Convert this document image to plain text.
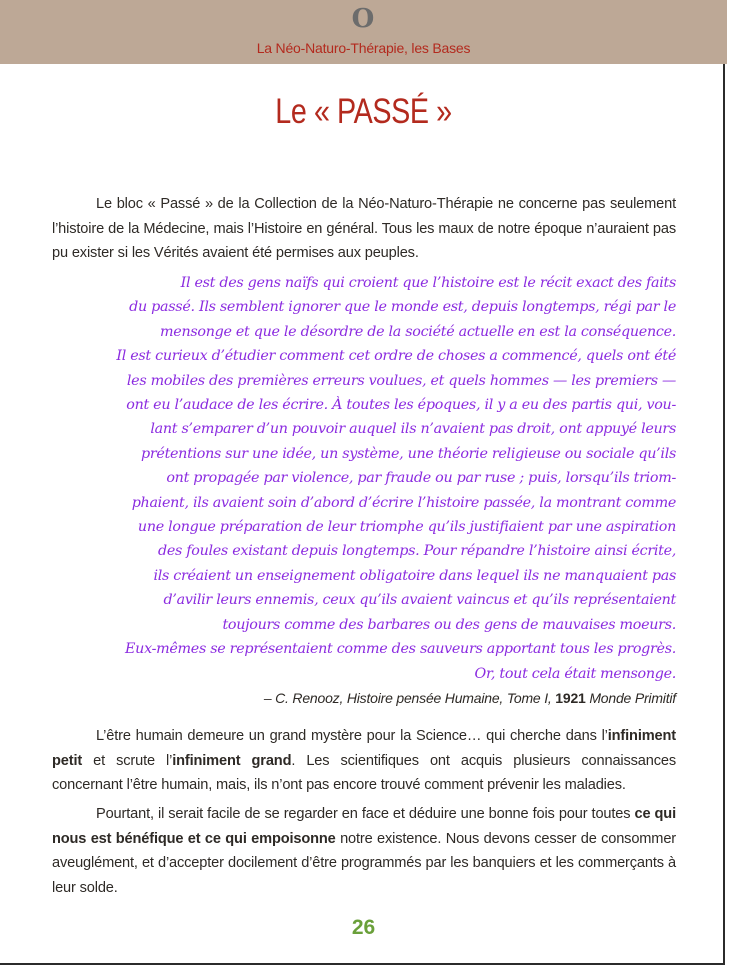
O
La Néo-Naturo-Thérapie, les Bases
Le « PASSÉ »
Le bloc « Passé » de la Collection de la Néo-Naturo-Thérapie ne concerne pas seulement l’histoire de la Médecine, mais l’Histoire en général. Tous les maux de notre époque n’auraient pas pu exister si les Vérités avaient été permises aux peuples.
Il est des gens naïfs qui croient que l’histoire est le récit exact des faits
du passé. Ils semblent ignorer que le monde est, depuis longtemps, régi par le
mensonge et que le désordre de la société actuelle en est la conséquence.
Il est curieux d’étudier comment cet ordre de choses a commencé, quels ont été
les mobiles des premières erreurs voulues, et quels hommes — les premiers —
ont eu l’audace de les écrire. À toutes les époques, il y a eu des partis qui, vou-
lant s’emparer d’un pouvoir auquel ils n’avaient pas droit, ont appuyé leurs
prétentions sur une idée, un système, une théorie religieuse ou sociale qu’ils
ont propagée par violence, par fraude ou par ruse ; puis, lorsqu’ils triom-
phaient, ils avaient soin d’abord d’écrire l’histoire passée, la montrant comme
une longue préparation de leur triomphe qu’ils justifiaient par une aspiration
des foules existant depuis longtemps. Pour répandre l’histoire ainsi écrite,
ils créaient un enseignement obligatoire dans lequel ils ne manquaient pas
d’avilir leurs ennemis, ceux qu’ils avaient vaincus et qu’ils représentaient
toujours comme des barbares ou des gens de mauvaises moeurs.
Eux-mêmes se représentaient comme des sauveurs apportant tous les progrès.
Or, tout cela était mensonge.
– C. Renooz, Histoire pensée Humaine, Tome I, 1921 Monde Primitif
L’être humain demeure un grand mystère pour la Science… qui cherche dans l’infiniment petit et scrute l’infiniment grand. Les scientifiques ont acquis plusieurs connaissances concernant l’être humain, mais, ils n’ont pas encore trouvé comment prévenir les maladies.
Pourtant, il serait facile de se regarder en face et déduire une bonne fois pour toutes ce qui nous est bénéfique et ce qui empoisonne notre existence. Nous devons cesser de consommer aveuglément, et d’accepter docilement d’être programmés par les banquiers et les commerçants à leur solde.
26
